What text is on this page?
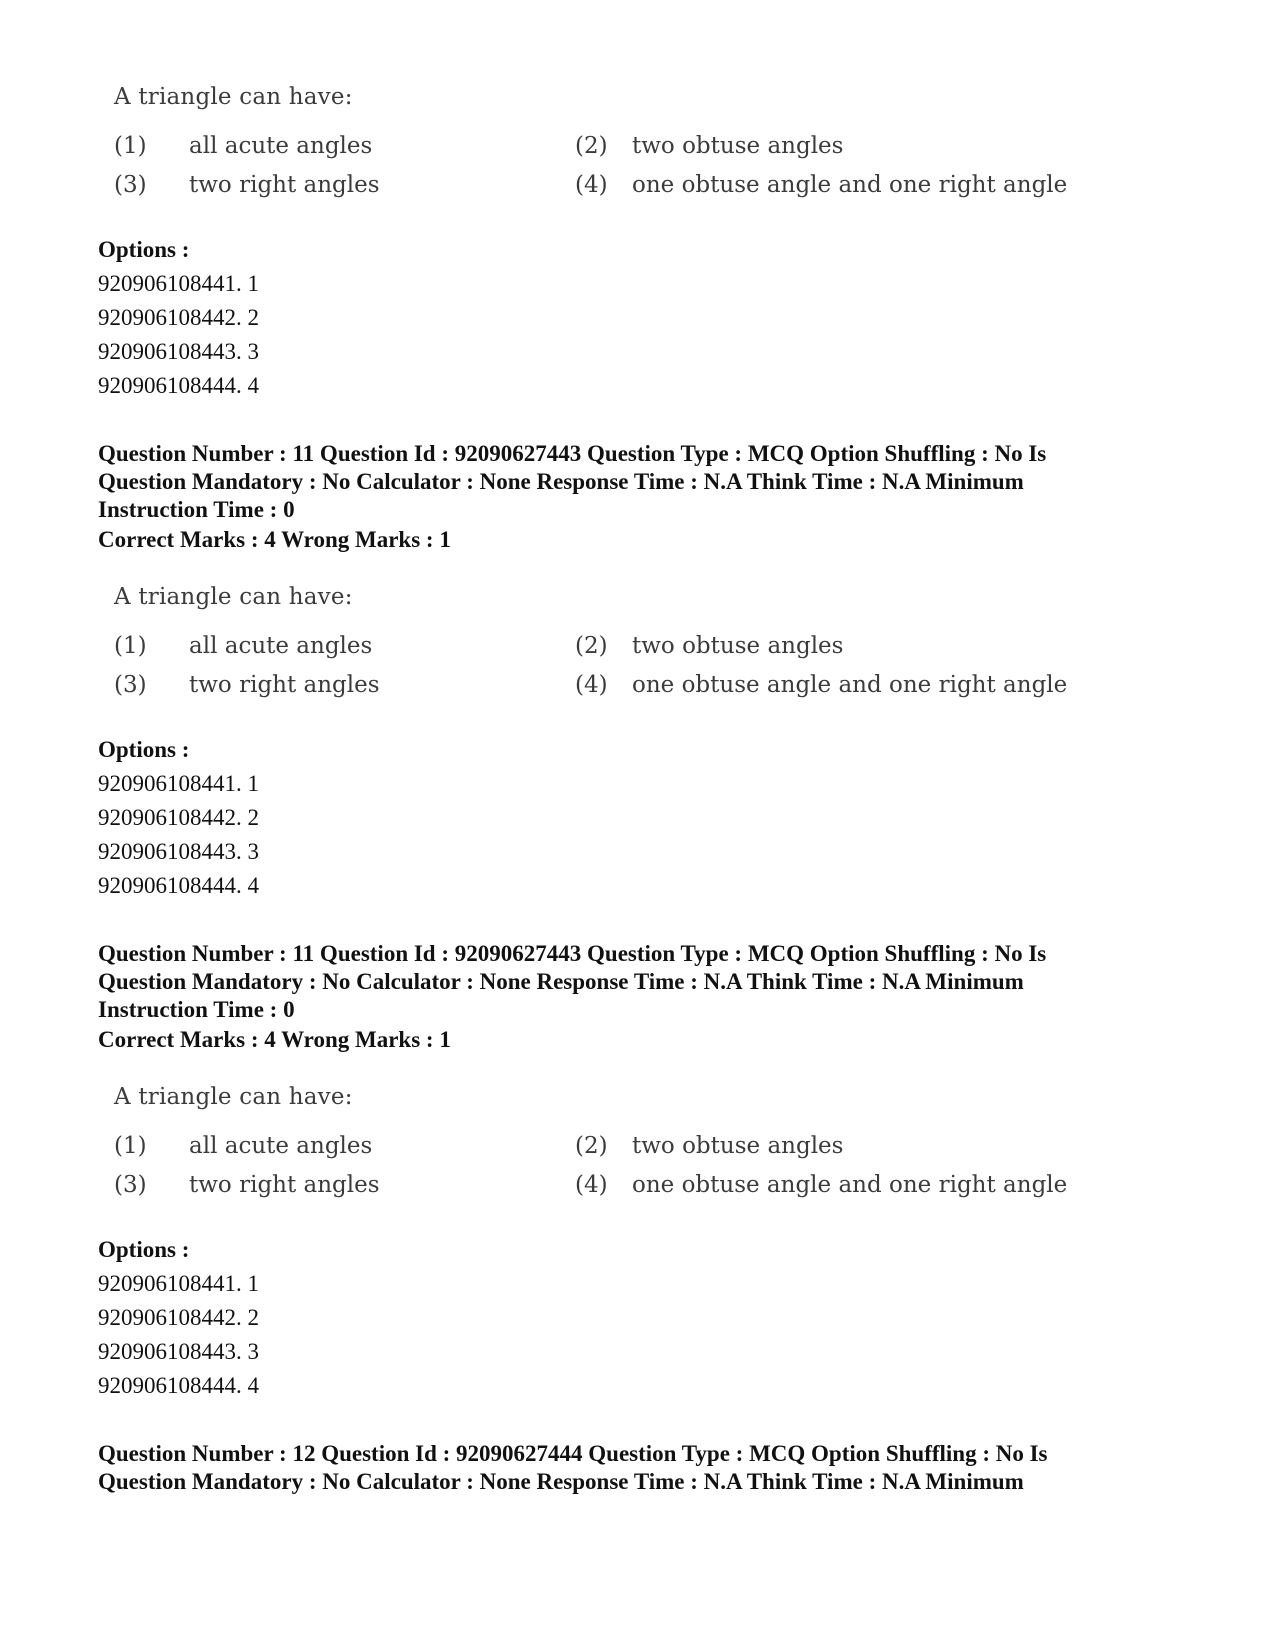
A triangle can have:
(1) all acute angles	(2) two obtuse angles
(3) two right angles	(4) one obtuse angle and one right angle
Options :
920906108441. 1
920906108442. 2
920906108443. 3
920906108444. 4
Question Number : 11 Question Id : 92090627443 Question Type : MCQ Option Shuffling : No Is
Question Mandatory : No Calculator : None Response Time : N.A Think Time : N.A Minimum
Instruction Time : 0
Correct Marks : 4 Wrong Marks : 1
A triangle can have:
(1) all acute angles	(2) two obtuse angles
(3) two right angles	(4) one obtuse angle and one right angle
Options :
920906108441. 1
920906108442. 2
920906108443. 3
920906108444. 4
Question Number : 11 Question Id : 92090627443 Question Type : MCQ Option Shuffling : No Is
Question Mandatory : No Calculator : None Response Time : N.A Think Time : N.A Minimum
Instruction Time : 0
Correct Marks : 4 Wrong Marks : 1
A triangle can have:
(1) all acute angles	(2) two obtuse angles
(3) two right angles	(4) one obtuse angle and one right angle
Options :
920906108441. 1
920906108442. 2
920906108443. 3
920906108444. 4
Question Number : 12 Question Id : 92090627444 Question Type : MCQ Option Shuffling : No Is
Question Mandatory : No Calculator : None Response Time : N.A Think Time : N.A Minimum
